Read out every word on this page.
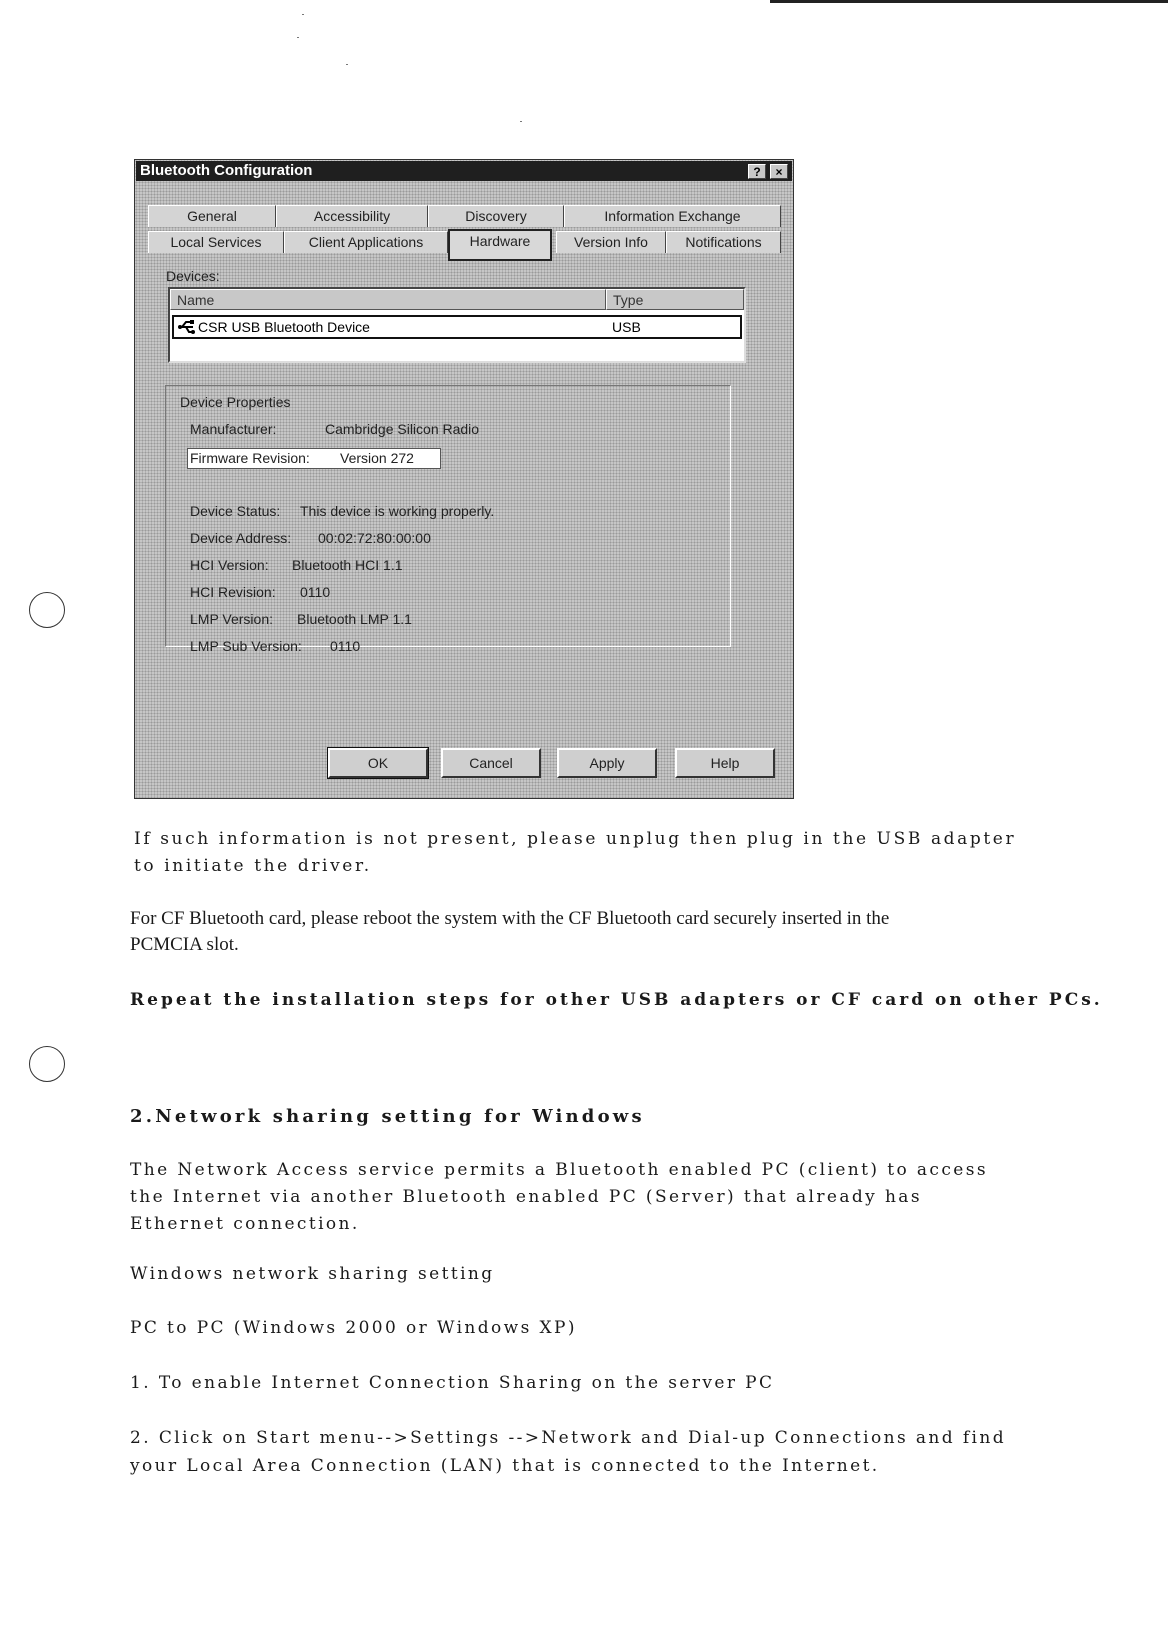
Bluetooth Configuration	?	×
General	Accessibility	Discovery	Information Exchange
Local Services	Client Applications	Hardware	Version Info	Notifications
Devices:
Name	Type
CSR USB Bluetooth Device	USB
Device Properties
Manufacturer:	Cambridge Silicon Radio
Firmware Revision: Version 272
Device Status: This device is working properly.
Device Address: 00:02:72:80:00:00
HCI Version: Bluetooth HCI 1.1
HCI Revision: 0110
LMP Version: Bluetooth LMP 1.1
LMP Sub Version: 0110
OK	Cancel	Apply	Help
If such information is not present, please unplug then plug in the USB adapter
to initiate the driver.
For CF Bluetooth card, please reboot the system with the CF Bluetooth card securely inserted in the
PCMCIA slot.
Repeat the installation steps for other USB adapters or CF card on other PCs.
2.Network sharing setting for Windows
The Network Access service permits a Bluetooth enabled PC (client) to access
the Internet via another Bluetooth enabled PC (Server) that already has
Ethernet connection.
Windows network sharing setting
PC to PC (Windows 2000 or Windows XP)
1. To enable Internet Connection Sharing on the server PC
2. Click on Start menu-->Settings -->Network and Dial-up Connections and find
your Local Area Connection (LAN) that is connected to the Internet.
